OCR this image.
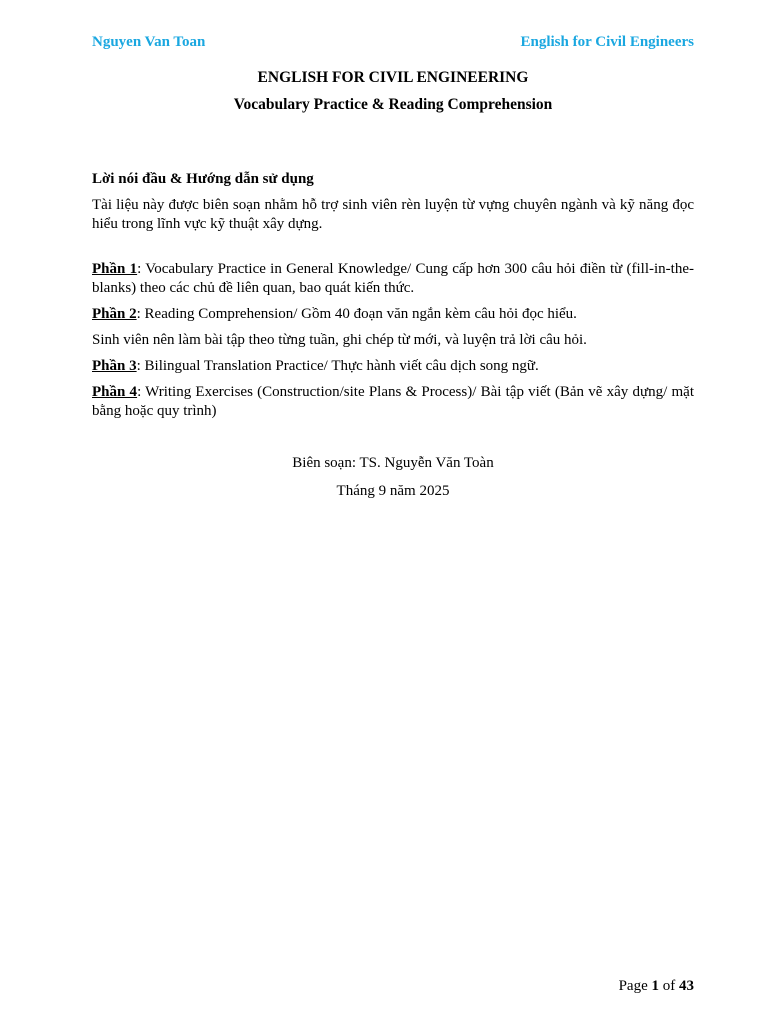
Nguyen Van Toan	English for Civil Engineers

ENGLISH FOR CIVIL ENGINEERING

Vocabulary Practice & Reading Comprehension

Lời nói đầu & Hướng dẫn sử dụng

Tài liệu này được biên soạn nhằm hỗ trợ sinh viên rèn luyện từ vựng chuyên ngành và kỹ năng đọc hiểu trong lĩnh vực kỹ thuật xây dựng.

Phần 1: Vocabulary Practice in General Knowledge/ Cung cấp hơn 300 câu hỏi điền từ (fill-in-the-blanks) theo các chủ đề liên quan, bao quát kiến thức.

Phần 2: Reading Comprehension/ Gồm 40 đoạn văn ngắn kèm câu hỏi đọc hiểu.

Sinh viên nên làm bài tập theo từng tuần, ghi chép từ mới, và luyện trả lời câu hỏi.

Phần 3: Bilingual Translation Practice/ Thực hành viết câu dịch song ngữ.

Phần 4: Writing Exercises (Construction/site Plans & Process)/ Bài tập viết (Bản vẽ xây dựng/ mặt bằng hoặc quy trình)

Biên soạn: TS. Nguyễn Văn Toàn

Tháng 9 năm 2025

Page 1 of 43
